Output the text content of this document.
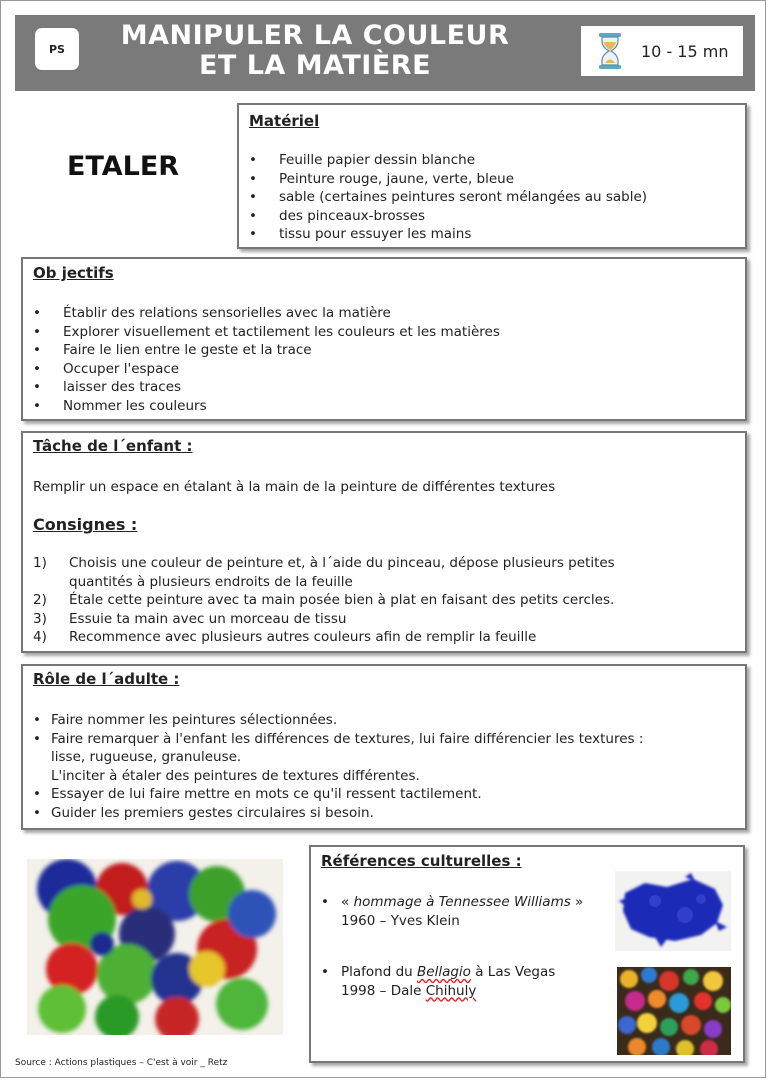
PS	MANIPULER LA COULEUR
ET LA MATIÈRE	10 - 15 mn
ETALER
Matériel
• Feuille papier dessin blanche
• Peinture rouge, jaune, verte, bleue
• sable (certaines peintures seront mélangées au sable)
• des pinceaux-brosses
• tissu pour essuyer les mains
Ob jectifs
• Établir des relations sensorielles avec la matière
• Explorer visuellement et tactilement les couleurs et les matières
• Faire le lien entre le geste et la trace
• Occuper l'espace
• laisser des traces
• Nommer les couleurs
Tâche de l´enfant :
Remplir un espace en étalant à la main de la peinture de différentes textures
Consignes :
1) Choisis une couleur de peinture et, à l´aide du pinceau, dépose plusieurs petites
quantités à plusieurs endroits de la feuille
2) Étale cette peinture avec ta main posée bien à plat en faisant des petits cercles.
3) Essuie ta main avec un morceau de tissu
4) Recommence avec plusieurs autres couleurs afin de remplir la feuille
Rôle de l´adulte :
• Faire nommer les peintures sélectionnées.
• Faire remarquer à l'enfant les différences de textures, lui faire différencier les textures :
lisse, rugueuse, granuleuse.
L'inciter à étaler des peintures de textures différentes.
• Essayer de lui faire mettre en mots ce qu'il ressent tactilement.
• Guider les premiers gestes circulaires si besoin.
Références culturelles :
• « hommage à Tennessee Williams »
1960 – Yves Klein
• Plafond du Bellagio à Las Vegas
1998 – Dale Chihuly
Source : Actions plastiques – C'est à voir _ Retz
